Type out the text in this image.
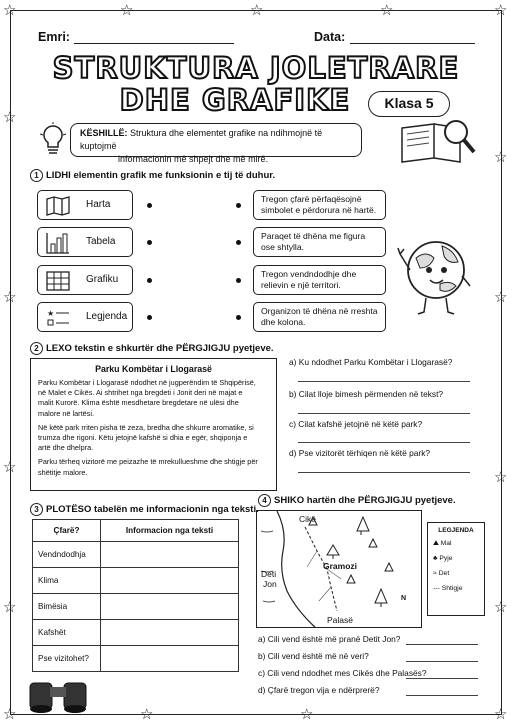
☆	☆
☆	☆
☆
☆
☆
☆
☆
☆
☆
☆
☆	☆	☆
☆	☆
Emri:	Data:
STRUKTURA JOLETRARE
DHE GRAFIKE	Klasa 5
KËSHILLË: Struktura dhe elementet grafike na ndihmojnë të kuptojmë
informacionin më shpejt dhe më mirë.
1 LIDHI elementin grafik me funksionin e tij të duhur.
Harta
Tabela
Grafiku
★	Legjenda
Tregon çfarë përfaqësojnë
simbolet e përdorura në hartë.
Paraqet të dhëna me figura
ose shtylla.
Tregon vendndodhje dhe
relievin e një territori.
Organizon të dhëna në rreshta
dhe kolona.
2 LEXO tekstin e shkurtër dhe PËRGJIGJU pyetjeve.
Parku Kombëtar i Llogarasë
Parku Kombëtar i Llogarasë ndodhet në jugperëndim të Shqipërisë,
në Malet e Cikës. Ai shtrihet nga bregdeti i Jonit deri në majat e
malit Kurorë. Klima është mesdhetare bregdetare në ulësi dhe
malore në lartësi.
Në këtë park rriten pisha të zeza, bredha dhe shkurre aromatike, si
trumza dhe rigoni. Këtu jetojnë kafshë si dhia e egër, shqiponja e
artë dhe dhelpra.
Parku tërheq vizitorë me peizazhe të mrekullueshme dhe shtigje për
shëtitje malore.
a) Ku ndodhet Parku Kombëtar i Llogarasë?
b) Cilat lloje bimesh përmenden në tekst?
c) Cilat kafshë jetojnë në këtë park?
d) Pse vizitorët tërhiqen në këtë park?
3 PLOTËSO tabelën me informacionin nga teksti.
Çfarë?	Informacion nga teksti
Vendndodhja	
Klima	
Bimësia	
Kafshët	
Pse vizitohet?	
4 SHIKO hartën dhe PËRGJIGJU pyetjeve.
Cikë
Gramozi
Deti
Jon
Palasë
N
LEGJENDA
⛰ Mal
♣ Pyje
≈ Det
--- Shtigje
a) Cili vend është më pranë Detit Jon?
b) Cili vend është më në veri?
c) Cili vend ndodhet mes Cikës dhe Palasës?
d) Çfarë tregon vija e ndërprerë?
